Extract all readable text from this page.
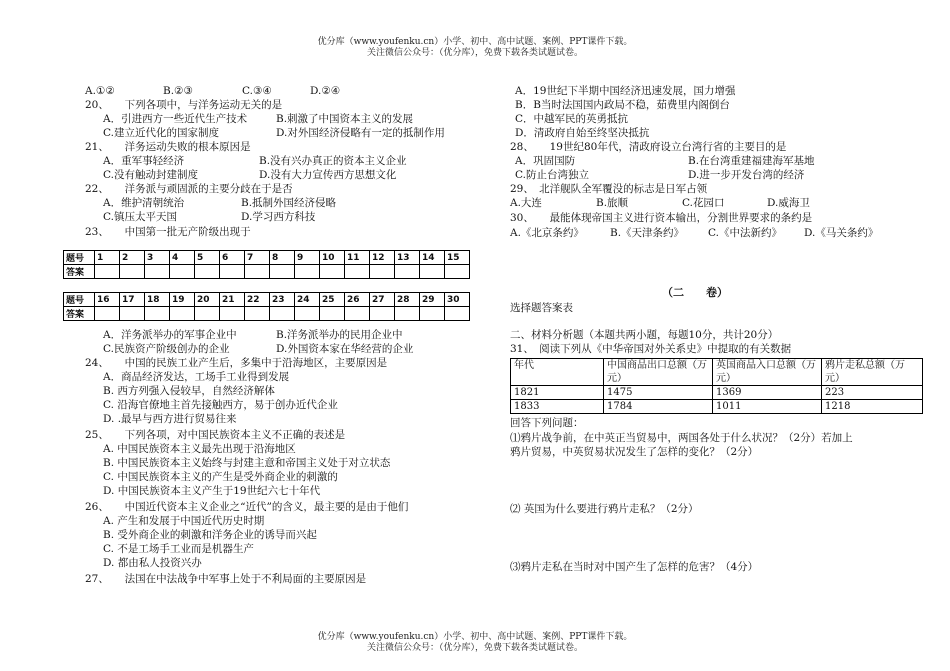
优分库（www.youfenku.cn）小学、初中、高中试题、案例、PPT课件下载。
关注微信公众号：（优分库），免费下载各类试题试卷。
A.①②	B.②③	C.③④	D.②④
20、　　下列各项中，与洋务运动无关的是
A．引进西方一些近代生产技术	B.刺激了中国资本主义的发展
C.建立近代化的国家制度	D.对外国经济侵略有一定的抵制作用
21、　　洋务运动失败的根本原因是
A．重军事轻经济	B.没有兴办真正的资本主义企业
C.没有触动封建制度	D.没有大力宣传西方思想文化
22、　　洋务派与顽固派的主要分歧在于是否
A．维护清朝统治	B.抵制外国经济侵略
C.镇压太平天国	D.学习西方科技
23、　　中国第一批无产阶级出现于
题号	1	2	3	4	5	6	7	8	9	10	11	12	13	14	15
答案															

题号	16	17	18	19	20	21	22	23	24	25	26	27	28	29	30
答案															
A．洋务派举办的军事企业中	B.洋务派举办的民用企业中
C.民族资产阶级创办的企业	D.外国资本家在华经营的企业
24、　　中国的民族工业产生后，多集中于沿海地区，主要原因是
A．商品经济发达，工场手工业得到发展
B. 西方列强入侵较早，自然经济解体
C. 沿海官僚地主首先接触西方，易于创办近代企业
D. .最早与西方进行贸易往来
25、　　下列各项，对中国民族资本主义不正确的表述是
A. 中国民族资本主义最先出现于沿海地区
B. 中国民族资本主义始终与封建主意和帝国主义处于对立状态
C. 中国民族资本主义的产生是受外商企业的刺激的
D. 中国民族资本主义产生于19世纪六七十年代
26、　　中国近代资本主义企业之“近代”的含义，最主要的是由于他们
A. 产生和发展于中国近代历史时期
B. 受外商企业的刺激和洋务企业的诱导而兴起
C. 不是工场手工业而是机器生产
D. 都由私人投资兴办
27、　　法国在中法战争中军事上处于不利局面的主要原因是
A．19世纪下半期中国经济迅速发展，国力增强
B．B当时法国国内政局不稳，茹费里内阁倒台
C．中越军民的英勇抵抗
D．清政府自始至终坚决抵抗
28、　　19世纪80年代，清政府设立台湾行省的主要目的是
A．巩固国防	B.在台湾重建福建海军基地
C.防止台湾独立	D.进一步开发台湾的经济
29、　北洋舰队全军覆没的标志是日军占领
A.大连	B.旅顺	C.花园口	D.威海卫
30、　　最能体现帝国主义进行资本输出，分割世界要求的条约是
A.《北京条约》 B.《天津条约》 C.《中法新约》 D.《马关条约》
（二　　卷）
选择题答案表
二、材料分析题（本题共两小题，每题10分，共计20分）
31、　阅读下列从《中华帝国对外关系史》中提取的有关数据
年代	中国商品出口总额（万元）	英国商品入口总额（万元）	鸦片走私总额（万元）
1821	1475	1369	223
1833	1784	1011	1218
回答下列问题：
⑴鸦片战争前，在中英正当贸易中，两国各处于什么状况？（2分）若加上
鸦片贸易，中英贸易状况发生了怎样的变化？（2分）
⑵ 英国为什么要进行鸦片走私？（2分）
⑶鸦片走私在当时对中国产生了怎样的危害？（4分）
优分库（www.youfenku.cn）小学、初中、高中试题、案例、PPT课件下载。
关注微信公众号：（优分库），免费下载各类试题试卷。
